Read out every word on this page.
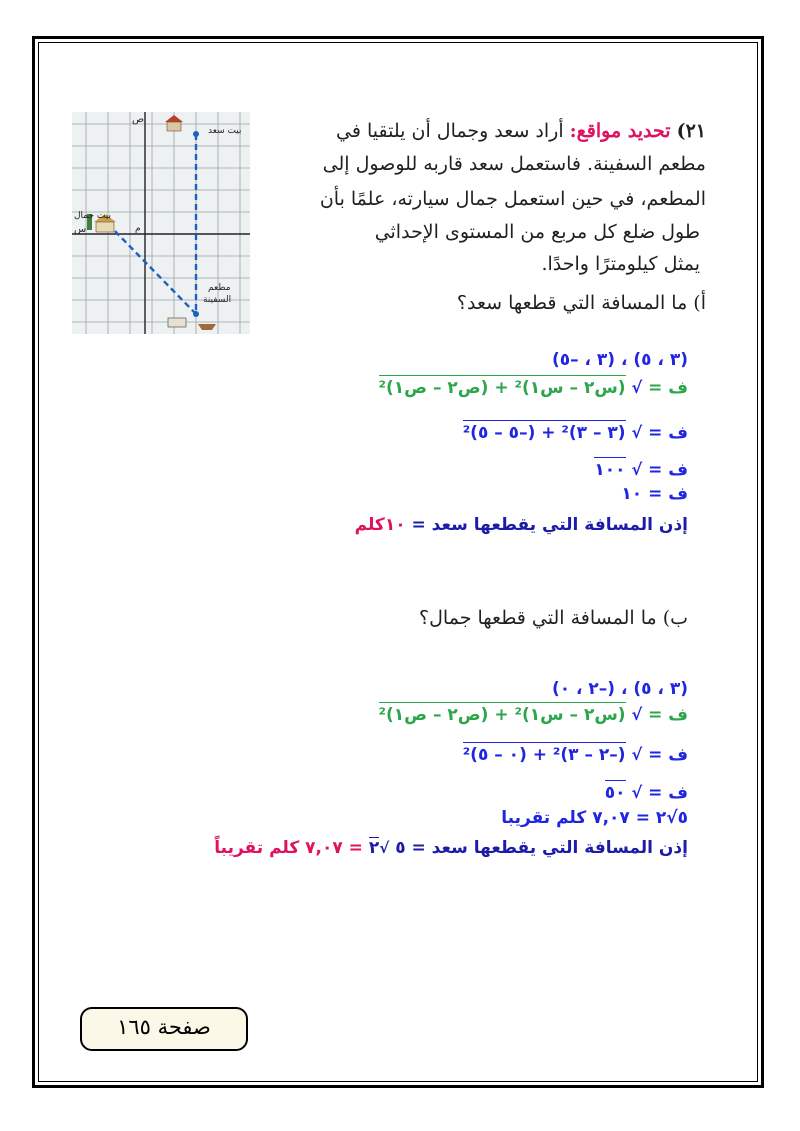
ص
س	م
بيت سعد
بيت جمال
مطعم
السفينة
٢١) تحديد مواقع: أراد سعد وجمال أن يلتقيا في
مطعم السفينة. فاستعمل سعد قاربه للوصول إلى
المطعم، في حين استعمل جمال سيارته، علمًا بأن
طول ضلع كل مربع من المستوى الإحداثي
يمثل كيلومترًا واحدًا.
أ) ما المسافة التي قطعها سعد؟
(٣ ، ٥) ، (٣ ، –٥)
ف = √ (س٢ – س١)² + (ص٢ – ص١)²
ف = √ (٣ – ٣)² + (–٥ – ٥)²
ف = √ ١٠٠
ف = ١٠
إذن المسافة التي يقطعها سعد = ١٠كلم
ب) ما المسافة التي قطعها جمال؟
(٣ ، ٥) ، (–٢ ، ٠)
ف = √ (س٢ – س١)² + (ص٢ – ص١)²
ف = √ (–٢ – ٣)² + (٠ – ٥)²
ف = √ ٥٠
٥√٢ = ٧,٠٧ كلم تقريبا
إذن المسافة التي يقطعها سعد = ٥ √٢ = ٧,٠٧ كلم تقريباً
صفحة ١٦٥
